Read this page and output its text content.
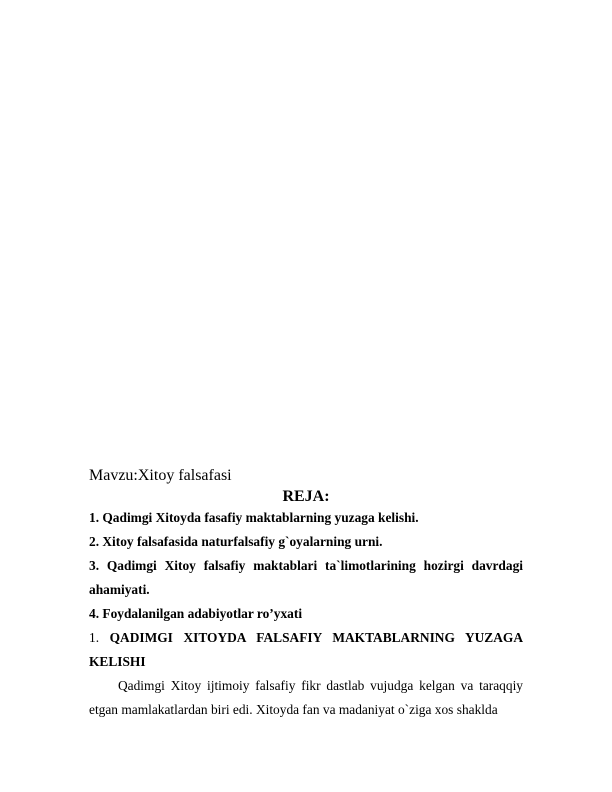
Mavzu:Xitoy falsafasi

REJA:

1. Qadimgi Xitoyda fasafiy maktablarning yuzaga kelishi.
2. Xitoy falsafasida naturfalsafiy g`oyalarning urni.
3. Qadimgi Xitoy falsafiy maktablari ta`limotlarining hozirgi davrdagi ahamiyati.
4. Foydalanilgan adabiyotlar ro’yxati

1. QADIMGI XITOYDA FALSAFIY MAKTABLARNING YUZAGA KELISHI

Qadimgi Xitoy ijtimoiy falsafiy fikr dastlab vujudga kelgan va taraqqiy etgan mamlakatlardan biri edi. Xitoyda fan va madaniyat o`ziga xos shaklda
